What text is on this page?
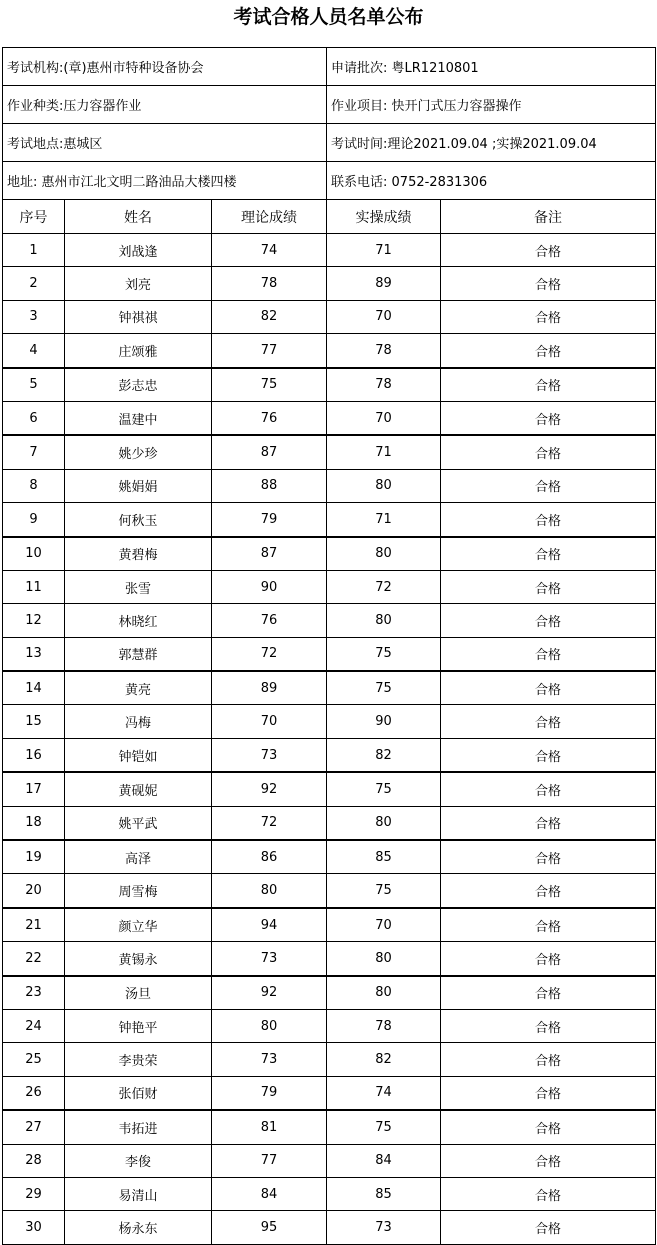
考试合格人员名单公布
考试机构:(章)惠州市特种设备协会			申请批次: 粤LR1210801	
作业种类:压力容器作业			作业项目: 快开门式压力容器操作	
考试地点:惠城区			考试时间:理论2021.09.04 ;实操2021.09.04	
地址: 惠州市江北文明二路油品大楼四楼			联系电话: 0752-2831306	
序号	姓名	理论成绩	实操成绩	备注
1	刘战逢	74	71	合格
2	刘亮	78	89	合格
3	钟祺祺	82	70	合格
4	庄颂雅	77	78	合格
5	彭志忠	75	78	合格
6	温建中	76	70	合格
7	姚少珍	87	71	合格
8	姚娟娟	88	80	合格
9	何秋玉	79	71	合格
10	黄碧梅	87	80	合格
11	张雪	90	72	合格
12	林晓红	76	80	合格
13	郭慧群	72	75	合格
14	黄亮	89	75	合格
15	冯梅	70	90	合格
16	钟铠如	73	82	合格
17	黄砚妮	92	75	合格
18	姚平武	72	80	合格
19	高泽	86	85	合格
20	周雪梅	80	75	合格
21	颜立华	94	70	合格
22	黄锡永	73	80	合格
23	汤旦	92	80	合格
24	钟艳平	80	78	合格
25	李贵荣	73	82	合格
26	张佰财	79	74	合格
27	韦拓进	81	75	合格
28	李俊	77	84	合格
29	易清山	84	85	合格
30	杨永东	95	73	合格
